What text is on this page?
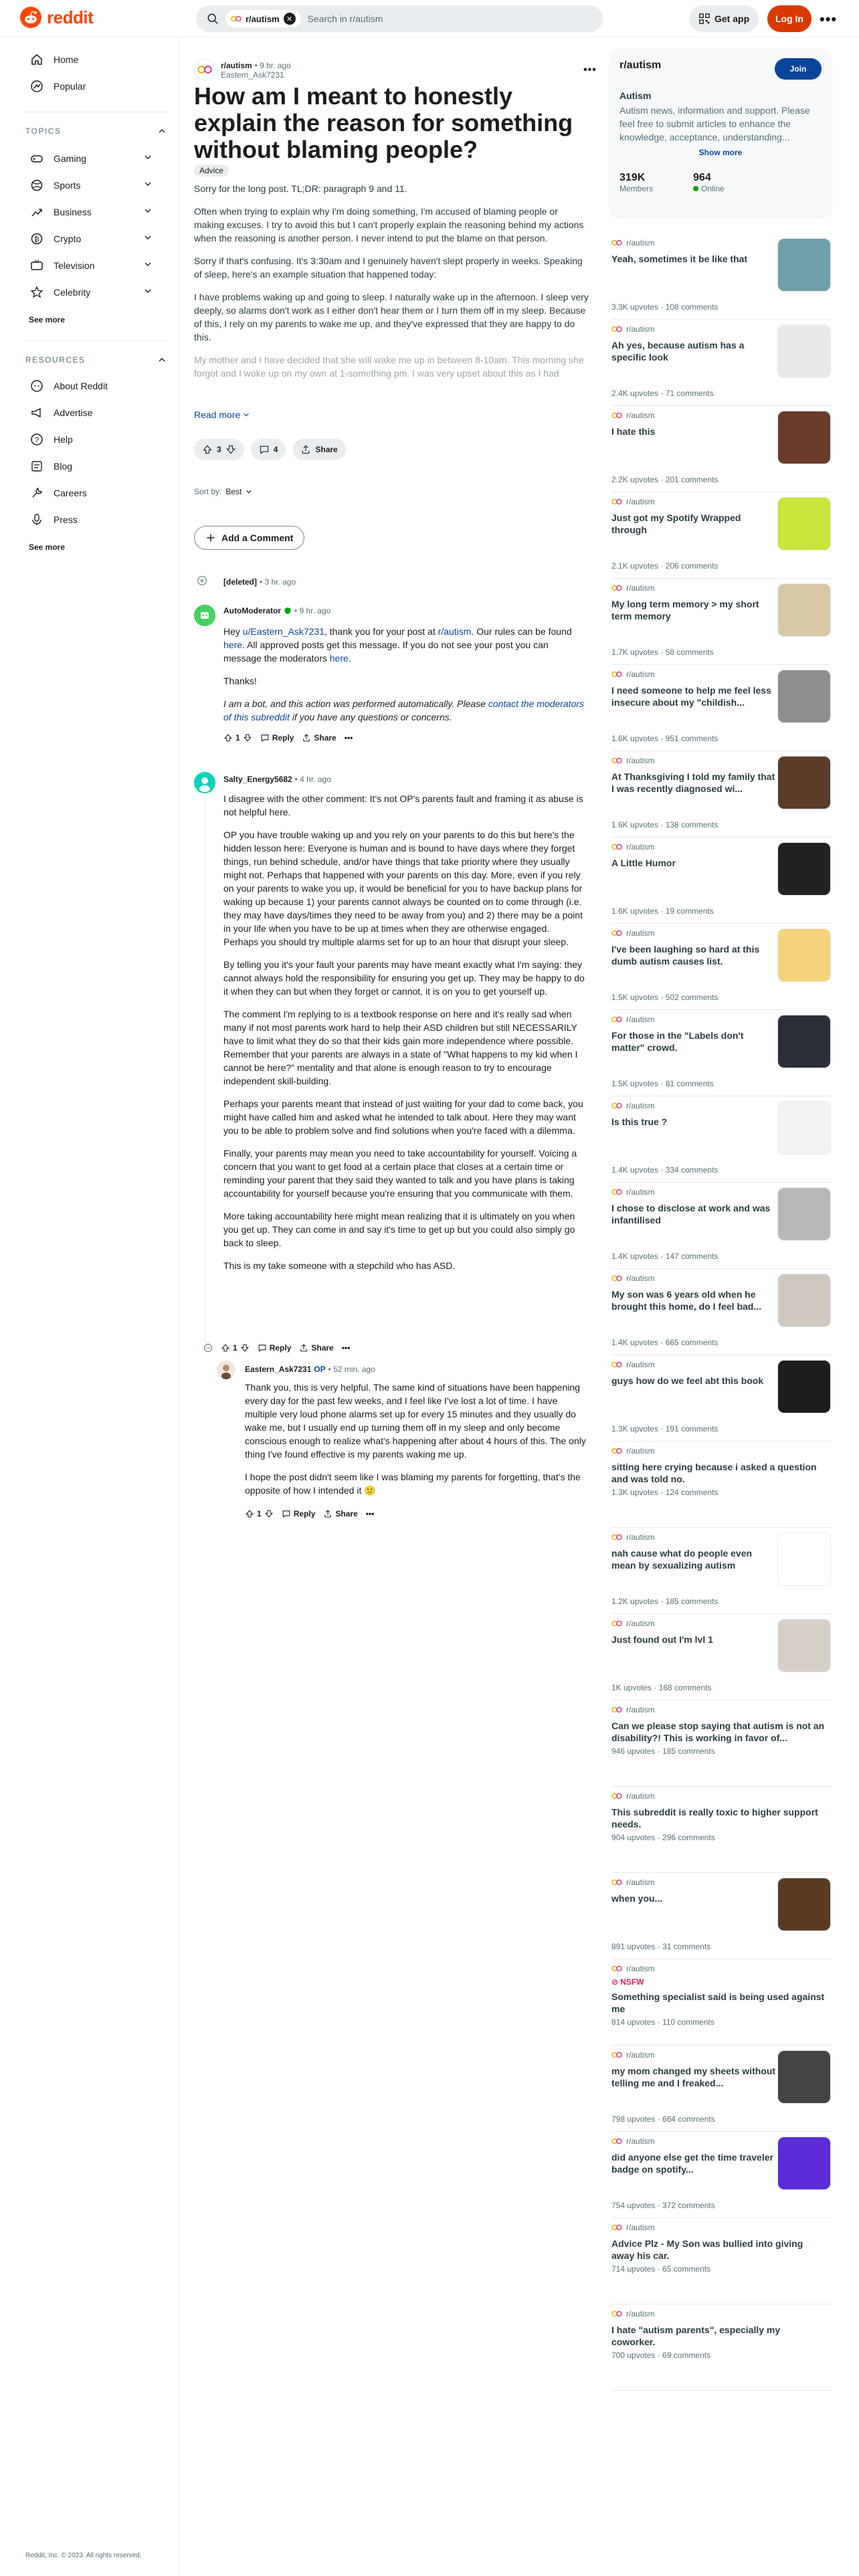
reddit	r/autism ✕	Search in r/autism	Get app	Log In	•••
Home
Popular
TOPICS
Gaming
Sports
Business
₿ Crypto
Television
Celebrity
See more
RESOURCES
About Reddit
Advertise
? Help
Blog
Careers
Press
See more
Reddit, Inc. © 2023. All rights reserved.
r/autism • 9 hr. ago
Eastern_Ask7231	•••
How am I meant to honestly explain the reason for something without blaming people?
Advice

Sorry for the long post. TL;DR: paragraph 9 and 11.

Often when trying to explain why I'm doing something, I'm accused of blaming people or making excuses. I try to avoid this but I can't properly explain the reasoning behind my actions when the reasoning is another person. I never intend to put the blame on that person.

Sorry if that's confusing. It's 3:30am and I genuinely haven't slept properly in weeks. Speaking of sleep, here's an example situation that happened today:

I have problems waking up and going to sleep. I naturally wake up in the afternoon. I sleep very deeply, so alarms don't work as I either don't hear them or I turn them off in my sleep. Because of this, I rely on my parents to wake me up, and they've expressed that they are happy to do this.

My mother and I have decided that she will wake me up in between 8-10am. This morning she forgot and I woke up on my own at 1-something pm. I was very upset about this as I had

Read more
3	4	Share
Sort by: Best
Add a Comment
[deleted] • 3 hr. ago
AutoModerator • 9 hr. ago

Hey u/Eastern_Ask7231, thank you for your post at r/autism. Our rules can be found here. All approved posts get this message. If you do not see your post you can message the moderators here.

Thanks!

I am a bot, and this action was performed automatically. Please contact the moderators of this subreddit if you have any questions or concerns.

1	Reply	Share •••
Salty_Energy5682 • 4 hr. ago

I disagree with the other comment: It's not OP's parents fault and framing it as abuse is not helpful here.

OP you have trouble waking up and you rely on your parents to do this but here's the hidden lesson here: Everyone is human and is bound to have days where they forget things, run behind schedule, and/or have things that take priority where they usually might not. Perhaps that happened with your parents on this day. More, even if you rely on your parents to wake you up, it would be beneficial for you to have backup plans for waking up because 1) your parents cannot always be counted on to come through (i.e. they may have days/times they need to be away from you) and 2) there may be a point in your life when you have to be up at times when they are otherwise engaged. Perhaps you should try multiple alarms set for up to an hour that disrupt your sleep.

By telling you it's your fault your parents may have meant exactly what I'm saying: they cannot always hold the responsibility for ensuring you get up. They may be happy to do it when they can but when they forget or cannot, it is on you to get yourself up.

The comment I'm replying to is a textbook response on here and it's really sad when many if not most parents work hard to help their ASD children but still NECESSARILY have to limit what they do so that their kids gain more independence where possible. Remember that your parents are always in a state of "What happens to my kid when I cannot be here?" mentality and that alone is enough reason to try to encourage independent skill-building.

Perhaps your parents meant that instead of just waiting for your dad to come back, you might have called him and asked what he intended to talk about. Here they may want you to be able to problem solve and find solutions when you're faced with a dilemma.

Finally, your parents may mean you need to take accountability for yourself. Voicing a concern that you want to get food at a certain place that closes at a certain time or reminding your parent that they said they wanted to talk and you have plans is taking accountability for yourself because you're ensuring that you communicate with them.

More taking accountability here might mean realizing that it is ultimately on you when you get up. They can come in and say it's time to get up but you could also simply go back to sleep.

This is my take someone with a stepchild who has ASD.

1	Reply	Share •••
Eastern_Ask7231 OP • 52 min. ago

Thank you, this is very helpful. The same kind of situations have been happening every day for the past few weeks, and I feel like I've lost a lot of time. I have multiple very loud phone alarms set up for every 15 minutes and they usually do wake me, but I usually end up turning them off in my sleep and only become conscious enough to realize what's happening after about 4 hours of this. The only thing I've found effective is my parents waking me up.

I hope the post didn't seem like I was blaming my parents for forgetting, that's the opposite of how I intended it 🙁

1	Reply	Share •••
r/autism	Join
Autism
Autism news, information and support. Please feel free to submit articles to enhance the knowledge, acceptance, understanding...
Show more
319K
Members
964
Online
r/autism
Yeah, sometimes it be like that
3.3K upvotes · 108 comments
r/autism
Ah yes, because autism has a specific look
2.4K upvotes · 71 comments
r/autism
I hate this
2.2K upvotes · 201 comments
r/autism
Just got my Spotify Wrapped through
2.1K upvotes · 206 comments
r/autism
My long term memory > my short term memory
1.7K upvotes · 58 comments
r/autism
I need someone to help me feel less insecure about my "childish...
1.6K upvotes · 951 comments
r/autism
At Thanksgiving I told my family that I was recently diagnosed wi...
1.6K upvotes · 138 comments
r/autism
A Little Humor
1.6K upvotes · 19 comments
r/autism
I've been laughing so hard at this dumb autism causes list.
1.5K upvotes · 502 comments
r/autism
For those in the "Labels don't matter" crowd.
1.5K upvotes · 81 comments
r/autism
Is this true ?
1.4K upvotes · 334 comments
r/autism
I chose to disclose at work and was infantilised
1.4K upvotes · 147 comments
r/autism
My son was 6 years old when he brought this home, do I feel bad...
1.4K upvotes · 665 comments
r/autism
guys how do we feel abt this book
1.3K upvotes · 191 comments
r/autism
sitting here crying because i asked a question and was told no.
1.3K upvotes · 124 comments
r/autism
nah cause what do people even mean by sexualizing autism
1.2K upvotes · 185 comments
r/autism
Just found out I'm lvl 1
1K upvotes · 168 comments
r/autism
Can we please stop saying that autism is not an disability?! This is working in favor of...
946 upvotes · 185 comments
r/autism
This subreddit is really toxic to higher support needs.
904 upvotes · 296 comments
r/autism
when you...
891 upvotes · 31 comments
r/autism
⊘ NSFW
Something specialist said is being used against me
814 upvotes · 110 comments
r/autism
my mom changed my sheets without telling me and I freaked...
798 upvotes · 664 comments
r/autism
did anyone else get the time traveler badge on spotify...
754 upvotes · 372 comments
r/autism
Advice Plz - My Son was bullied into giving away his car.
714 upvotes · 65 comments
r/autism
I hate "autism parents", especially my coworker.
700 upvotes · 69 comments
